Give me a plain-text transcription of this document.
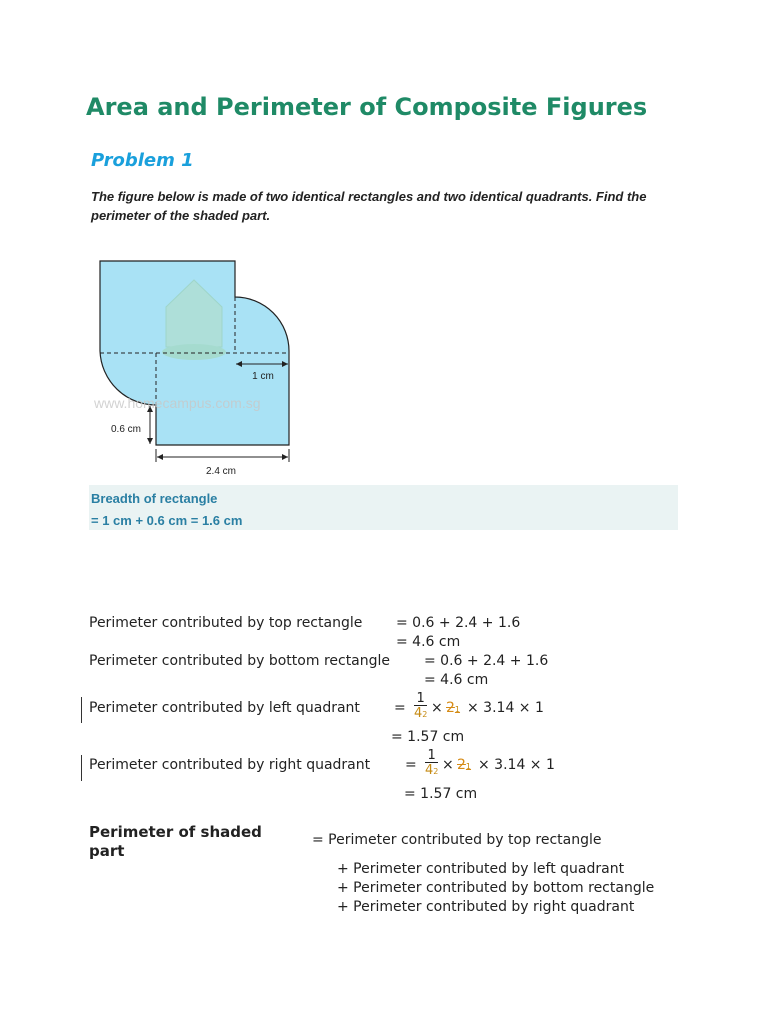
Area and Perimeter of Composite Figures
Problem 1
The figure below is made of two identical rectangles and two identical quadrants. Find the perimeter of the shaded part.
1 cm
0.6 cm
2.4 cm
www.homecampus.com.sg
Breadth of rectangle
= 1 cm + 0.6 cm = 1.6 cm
Perimeter contributed by top rectangle = 0.6 + 2.4 + 1.6
= 4.6 cm
Perimeter contributed by bottom rectangle = 0.6 + 2.4 + 1.6
= 4.6 cm
Perimeter contributed by left quadrant = $\frac{1}{42} \times 21 \times 3.14 \times 1$
= 1.57 cm
Perimeter contributed by right quadrant = $\frac{1}{42} \times 21 \times 3.14 \times 1$
= 1.57 cm
Perimeter of shaded
part
= Perimeter contributed by top rectangle
+ Perimeter contributed by left quadrant
+ Perimeter contributed by bottom rectangle
+ Perimeter contributed by right quadrant
